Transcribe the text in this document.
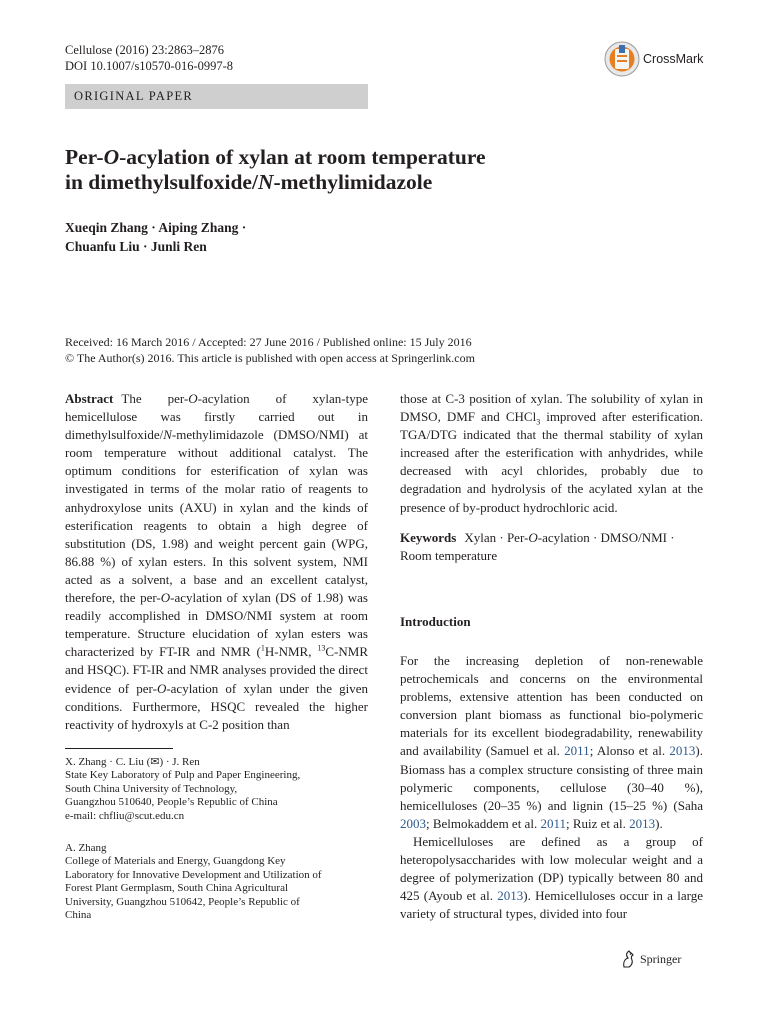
Cellulose (2016) 23:2863–2876
DOI 10.1007/s10570-016-0997-8	CrossMark
ORIGINAL PAPER
Per-O-acylation of xylan at room temperature
in dimethylsulfoxide/N-methylimidazole
Xueqin Zhang · Aiping Zhang ·
Chuanfu Liu · Junli Ren
Received: 16 March 2016 / Accepted: 27 June 2016 / Published online: 15 July 2016
© The Author(s) 2016. This article is published with open access at Springerlink.com

Abstract The per-O-acylation of xylan-type hemicellulose was firstly carried out in dimethylsulfoxide/N-methylimidazole (DMSO/NMI) at room temperature without additional catalyst. The optimum conditions for esterification of xylan was investigated in terms of the molar ratio of reagents to anhydroxylose units (AXU) in xylan and the kinds of esterification reagents to obtain a high degree of substitution (DS, 1.98) and weight percent gain (WPG, 86.88 %) of xylan esters. In this solvent system, NMI acted as a solvent, a base and an excellent catalyst, therefore, the per-O-acylation of xylan (DS of 1.98) was readily accomplished in DMSO/NMI system at room temperature. Structure elucidation of xylan esters was characterized by FT-IR and NMR ($^1$H-NMR, $^{13}$C-NMR and HSQC). FT-IR and NMR analyses provided the direct evidence of per-O-acylation of xylan under the given conditions. Furthermore, HSQC revealed the higher reactivity of hydroxyls at C-2 position than

those at C-3 position of xylan. The solubility of xylan in DMSO, DMF and CHCl$_3$ improved after esterification. TGA/DTG indicated that the thermal stability of xylan increased after the esterification with anhydrides, while decreased with acyl chlorides, probably due to degradation and hydrolysis of the acylated xylan at the presence of by-product hydrochloric acid.

Keywords Xylan · Per-O-acylation · DMSO/NMI · Room temperature
Introduction

For the increasing depletion of non-renewable petrochemicals and concerns on the environmental problems, extensive attention has been conducted on conversion plant biomass as functional bio-polymeric materials for its excellent biodegradability, renewability and availability (Samuel et al. 2011; Alonso et al. 2013). Biomass has a complex structure consisting of three main polymeric components, cellulose (30–40 %), hemicelluloses (20–35 %) and lignin (15–25 %) (Saha 2003; Belmokaddem et al. 2011; Ruiz et al. 2013).

Hemicelluloses are defined as a group of heteropolysaccharides with low molecular weight and a degree of polymerization (DP) typically between 80 and 425 (Ayoub et al. 2013). Hemicelluloses occur in a large variety of structural types, divided into four

X. Zhang · C. Liu (✉) · J. Ren
State Key Laboratory of Pulp and Paper Engineering,
South China University of Technology,
Guangzhou 510640, People’s Republic of China
e-mail: chfliu@scut.edu.cn
A. Zhang
College of Materials and Energy, Guangdong Key
Laboratory for Innovative Development and Utilization of
Forest Plant Germplasm, South China Agricultural
University, Guangzhou 510642, People’s Republic of
China
Springer
